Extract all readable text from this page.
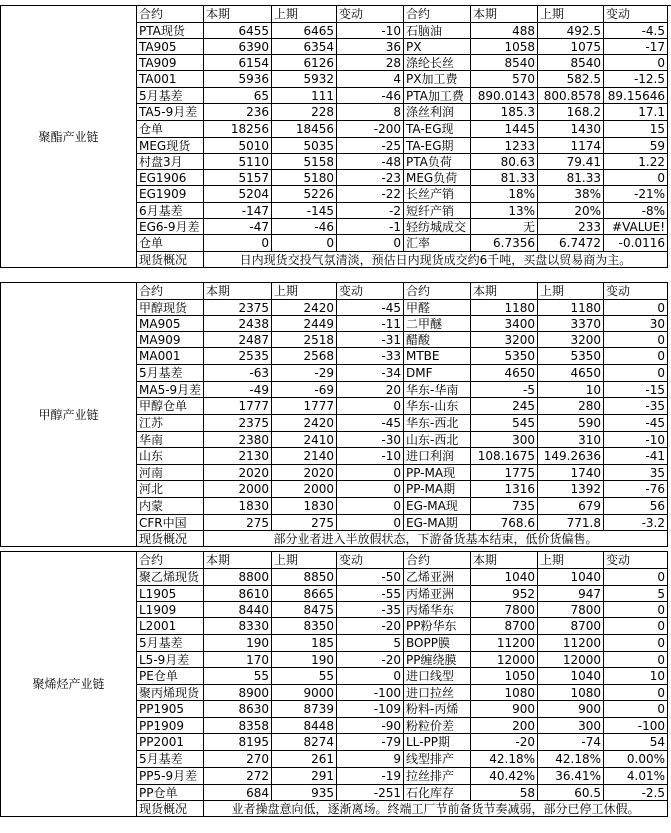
聚酯产业链	合约	本期	上期	变动	合约	本期	上期	变动
	PTA现货	6455	6465	-10	石脑油	488	492.5	-4.5
	TA905	6390	6354	36	PX	1058	1075	-17
	TA909	6154	6126	28	涤纶长丝	8540	8540	0
	TA001	5936	5932	4	PX加工费	570	582.5	-12.5
	5月基差	65	111	-46	PTA加工费	890.0143	800.8578	89.15646
	TA5-9月差	236	228	8	涤丝利润	185.3	168.2	17.1
	仓单	18256	18456	-200	TA-EG现	1445	1430	15
	MEG现货	5010	5035	-25	TA-EG期	1233	1174	59
	村盘3月	5110	5158	-48	PTA负荷	80.63	79.41	1.22
	EG1906	5157	5180	-23	MEG负荷	81.33	81.33	0
	EG1909	5204	5226	-22	长丝产销	18%	38%	-21%
	6月基差	-147	-145	-2	短纤产销	13%	20%	-8%
	EG6-9月差	-47	-46	-1	轻纺城成交	无	233	#VALUE!
	仓单	0	0	0	汇率	6.7356	6.7472	-0.0116
	现货概况	日内现货交投气氛清淡，预估日内现货成交约6千吨，买盘以贸易商为主。						
甲醇产业链	合约	本期	上期	变动	合约	本期	上期	变动
	甲醇现货	2375	2420	-45	甲醛	1180	1180	0
	MA905	2438	2449	-11	二甲醚	3400	3370	30
	MA909	2487	2518	-31	醋酸	3200	3200	0
	MA001	2535	2568	-33	MTBE	5350	5350	0
	5月基差	-63	-29	-34	DMF	4650	4650	0
	MA5-9月差	-49	-69	20	华东-华南	-5	10	-15
	甲醇仓单	1777	1777	0	华东-山东	245	280	-35
	江苏	2375	2420	-45	华东-西北	545	590	-45
	华南	2380	2410	-30	山东-西北	300	310	-10
	山东	2130	2140	-10	进口利润	108.1675	149.2636	-41
	河南	2020	2020	0	PP-MA现	1775	1740	35
	河北	2000	2000	0	PP-MA期	1316	1392	-76
	内蒙	1830	1830	0	EG-MA现	735	679	56
	CFR中国	275	275	0	EG-MA期	768.6	771.8	-3.2
	现货概况	部分业者进入半放假状态，下游备货基本结束，低价货偏售。						
聚烯烃产业链	合约	本期	上期	变动	合约	本期	上期	变动
	聚乙烯现货	8800	8850	-50	乙烯亚洲	1040	1040	0
	L1905	8610	8665	-55	丙烯亚洲	952	947	5
	L1909	8440	8475	-35	丙烯华东	7800	7800	0
	L2001	8330	8350	-20	PP粉华东	8700	8700	0
	5月基差	190	185	5	BOPP膜	11200	11200	0
	L5-9月差	170	190	-20	PP缠绕膜	12000	12000	0
	PE仓单	55	55	0	进口线型	1050	1040	10
	聚丙烯现货	8900	9000	-100	进口拉丝	1080	1080	0
	PP1905	8630	8739	-109	粉料-丙烯	900	900	0
	PP1909	8358	8448	-90	粉粒价差	200	300	-100
	PP2001	8195	8274	-79	LL-PP期	-20	-74	54
	5月基差	270	261	9	线型排产	42.18%	42.18%	0.00%
	PP5-9月差	272	291	-19	拉丝排产	40.42%	36.41%	4.01%
	PP仓单	684	935	-251	石化库存	58	60.5	-2.5
	现货概况	业者操盘意向低，逐渐离场。终端工厂节前备货节奏减弱，部分已停工休假。						
